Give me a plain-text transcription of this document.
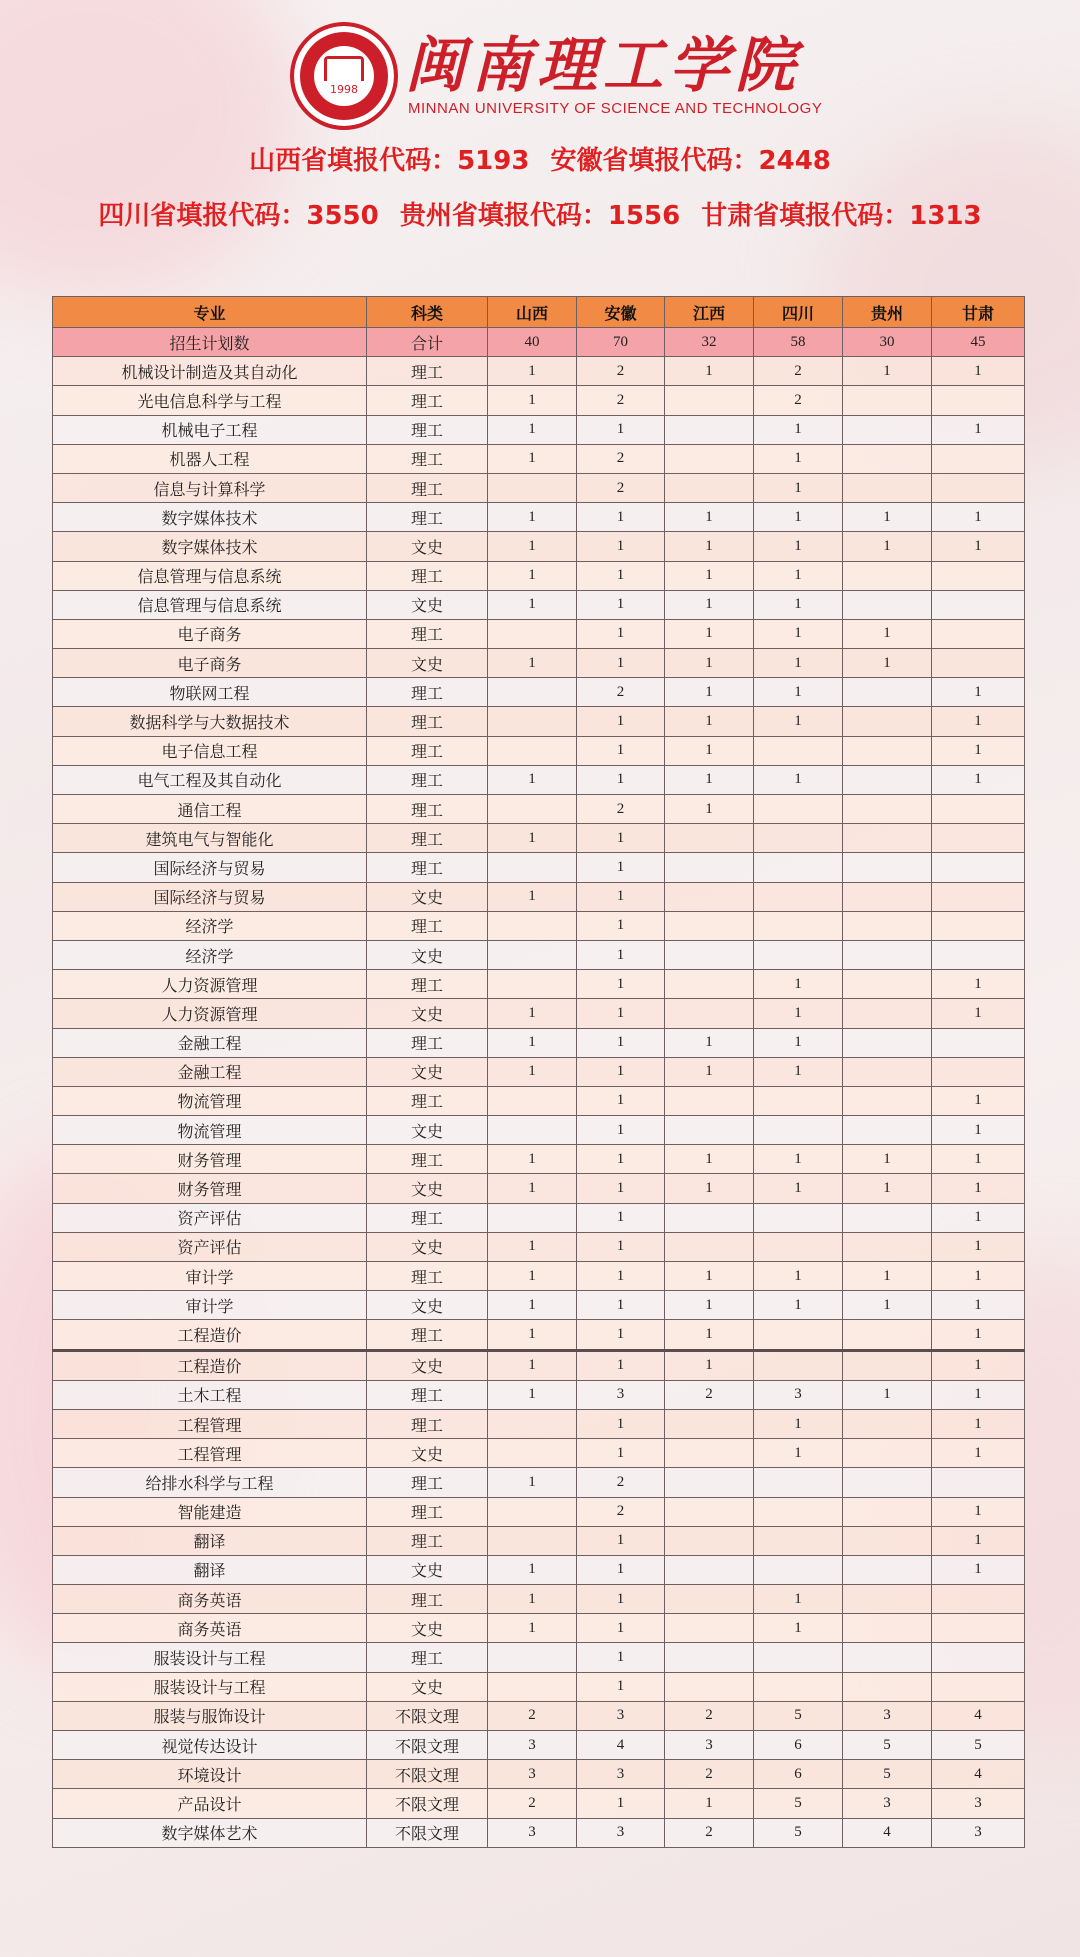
1998 闽南理工学院
MINNAN UNIVERSITY OF SCIENCE AND TECHNOLOGY
山西省填报代码：5193 安徽省填报代码：2448
四川省填报代码：3550 贵州省填报代码：1556 甘肃省填报代码：1313
专业	科类	山西	安徽	江西	四川	贵州	甘肃
招生计划数	合计	40	70	32	58	30	45
机械设计制造及其自动化	理工	1	2	1	2	1	1
光电信息科学与工程	理工	1	2		2		
机械电子工程	理工	1	1		1		1
机器人工程	理工	1	2		1		
信息与计算科学	理工		2		1		
数字媒体技术	理工	1	1	1	1	1	1
数字媒体技术	文史	1	1	1	1	1	1
信息管理与信息系统	理工	1	1	1	1		
信息管理与信息系统	文史	1	1	1	1		
电子商务	理工		1	1	1	1	
电子商务	文史	1	1	1	1	1	
物联网工程	理工		2	1	1		1
数据科学与大数据技术	理工		1	1	1		1
电子信息工程	理工		1	1			1
电气工程及其自动化	理工	1	1	1	1		1
通信工程	理工		2	1			
建筑电气与智能化	理工	1	1				
国际经济与贸易	理工		1				
国际经济与贸易	文史	1	1				
经济学	理工		1				
经济学	文史		1				
人力资源管理	理工		1		1		1
人力资源管理	文史	1	1		1		1
金融工程	理工	1	1	1	1		
金融工程	文史	1	1	1	1		
物流管理	理工		1				1
物流管理	文史		1				1
财务管理	理工	1	1	1	1	1	1
财务管理	文史	1	1	1	1	1	1
资产评估	理工		1				1
资产评估	文史	1	1				1
审计学	理工	1	1	1	1	1	1
审计学	文史	1	1	1	1	1	1
工程造价	理工	1	1	1			1
工程造价	文史	1	1	1			1
土木工程	理工	1	3	2	3	1	1
工程管理	理工		1		1		1
工程管理	文史		1		1		1
给排水科学与工程	理工	1	2				
智能建造	理工		2				1
翻译	理工		1				1
翻译	文史	1	1				1
商务英语	理工	1	1		1		
商务英语	文史	1	1		1		
服装设计与工程	理工		1				
服装设计与工程	文史		1				
服装与服饰设计	不限文理	2	3	2	5	3	4
视觉传达设计	不限文理	3	4	3	6	5	5
环境设计	不限文理	3	3	2	6	5	4
产品设计	不限文理	2	1	1	5	3	3
数字媒体艺术	不限文理	3	3	2	5	4	3
